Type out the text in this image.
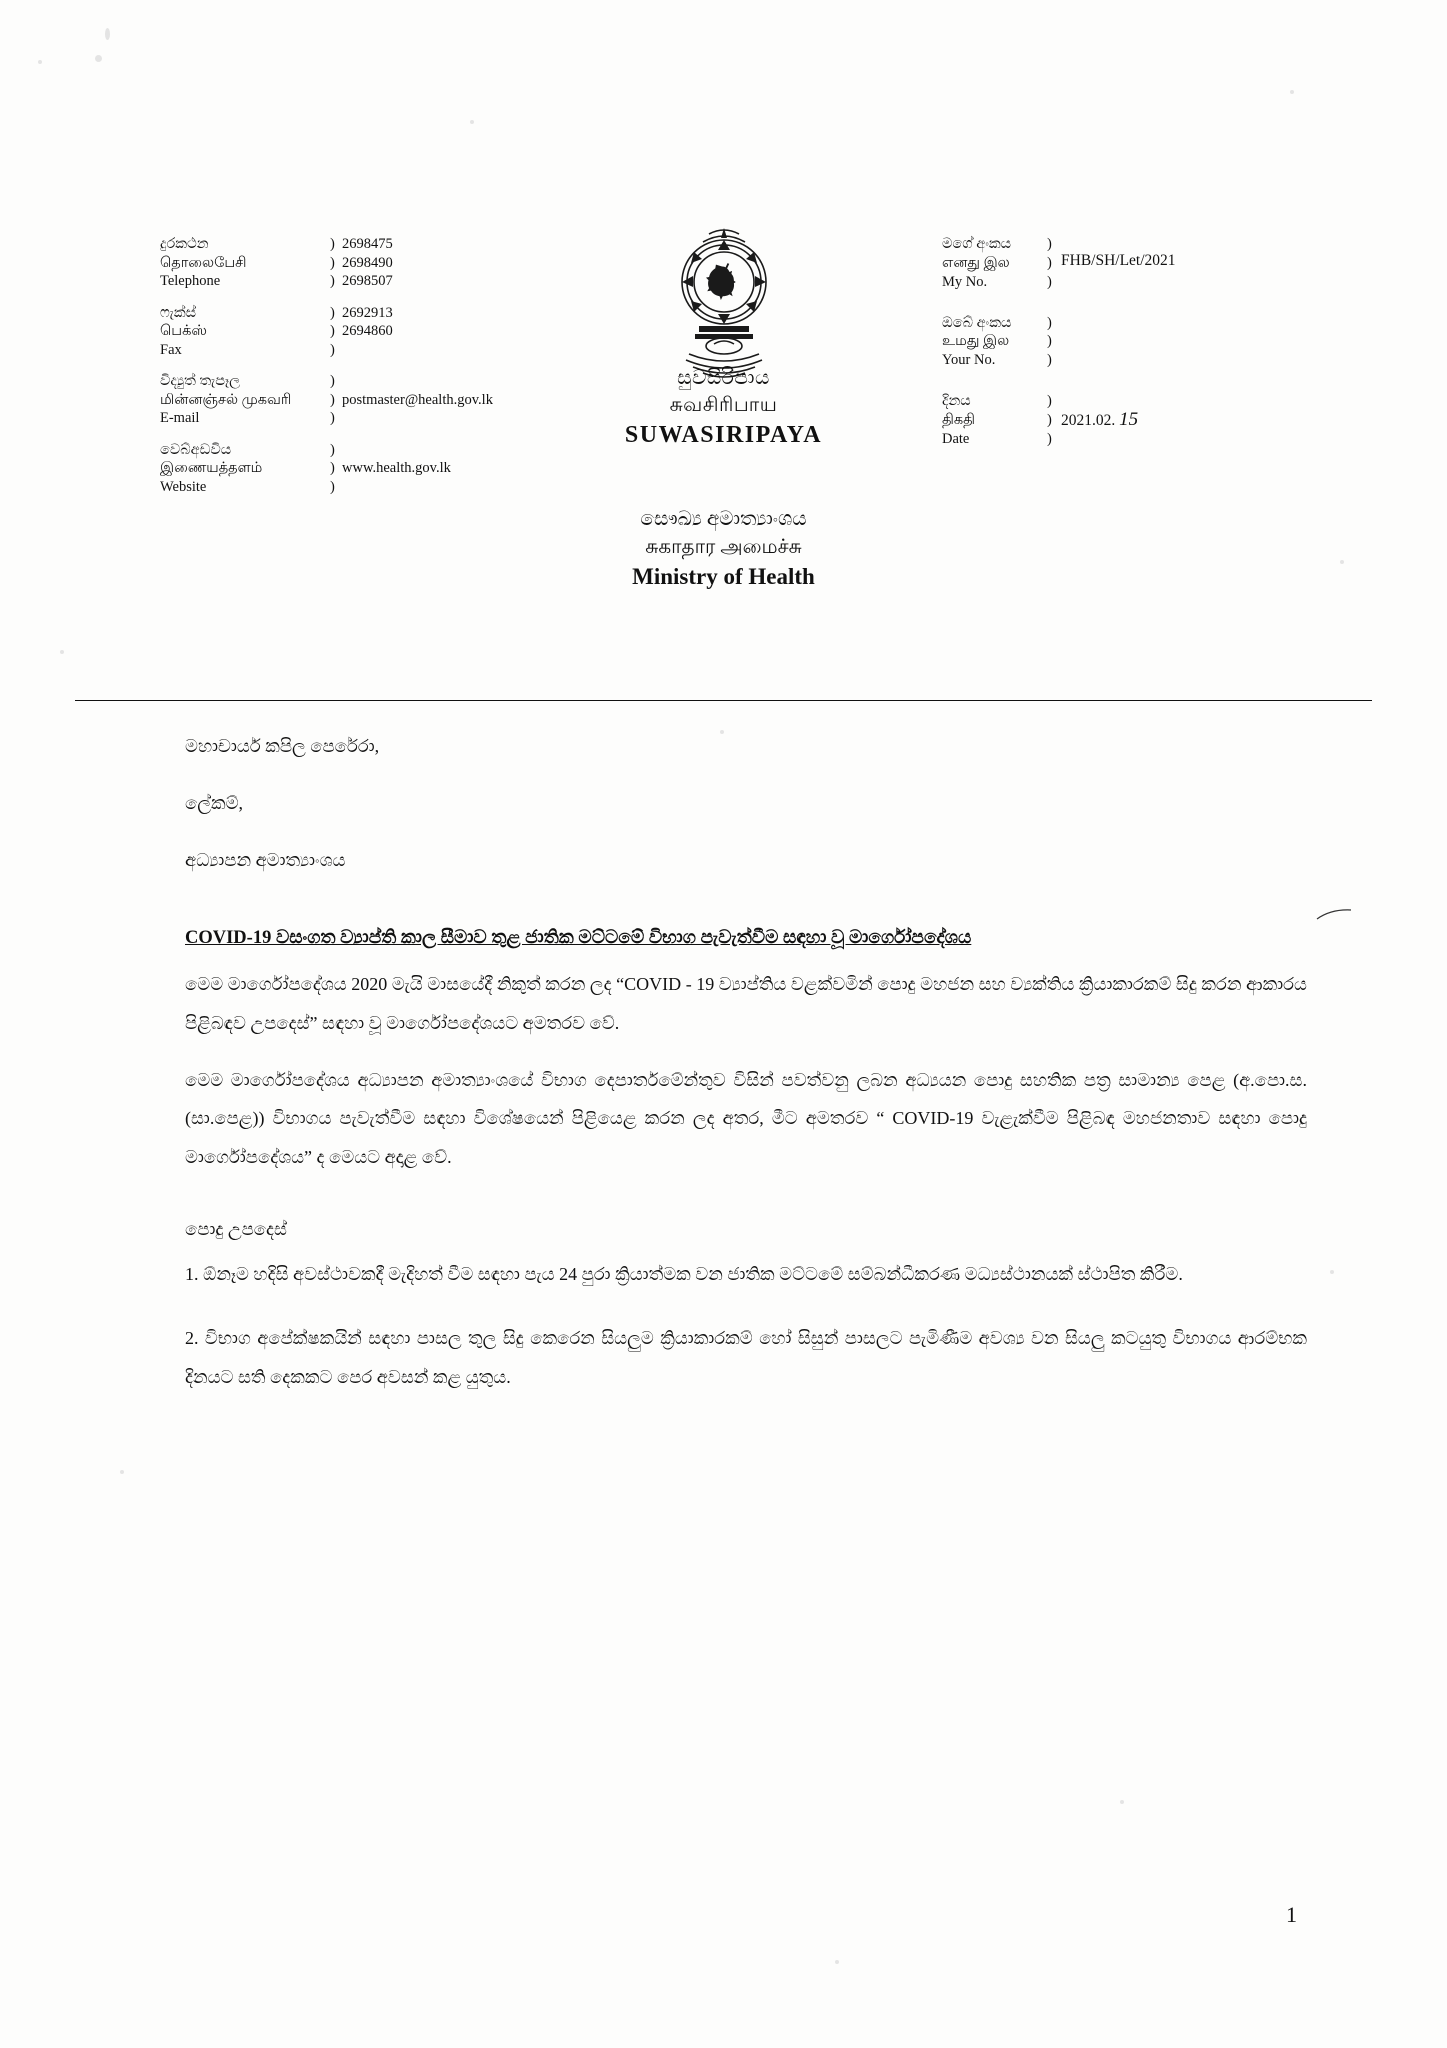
දුරකථන
தொலைபேசி
Telephone
)
)
)
2698475
2698490
2698507
ෆැක්ස්
பெக்ஸ்
Fax
)
)
)
2692913
2694860

විද්‍යුත් තැපෑල
மின்னஞ்சல் முகவரி
E-mail
)
)
)

postmaster@health.gov.lk

වෙබ්අඩවිය
இணையத்தளம்
Website
)
)
)

www.health.gov.lk

සුවසිරිපාය
சுவசிரிபாய
SUWASIRIPAYA
සෞඛ්‍ය අමාත්‍යාංශය
சுகாதார அமைச்சு
Ministry of Health
මගේ අංකය
எனது இல
My No.
)
)
)
FHB/SH/Let/2021
ඔබේ අංකය
உமது இல
Your No.
)
)
)
දිනය
திகதி
Date
)
)
)
2021.02. 15
මහාචාර්ය කපිල පෙරේරා,
ලේකම්,
අධ්‍යාපන අමාත්‍යාංශය
COVID-19 වසංගත ව්‍යාප්ති කාල සීමාව තුළ ජාතික මට්ටමේ විභාග පැවැත්වීම සඳහා වූ මාර්ගෝපදේශය
මෙම මාර්ගෝපදේශය 2020 මැයි මාසයේදී නිකුත් කරන ලද “COVID - 19 ව්‍යාප්තිය වළක්වමින් පොදු මහජන සහ ව්‍යක්තිය ක්‍රියාකාරකම් සිදු කරන ආකාරය පිළිබඳව උපදෙස්” සඳහා වූ මාර්ගෝපදේශයට අමතරව වේ.
මෙම මාර්ගෝපදේශය අධ්‍යාපන අමාත්‍යාංශයේ විභාග දෙපාර්තමේන්තුව විසින් පවත්වනු ලබන අධ්‍යයන පොදු සහතික පත්‍ර සාමාන්‍ය පෙළ (අ.පො.ස.(සා.පෙළ)) විභාගය පැවැත්වීම සඳහා විශේෂයෙන් පිළියෙළ කරන ලද අතර, මීට අමතරව “ COVID-19 වැළැක්වීම පිළිබඳ මහජනතාව සඳහා පොදු මාර්ගෝපදේශය” ද මෙයට අදාළ වේ.
පොදු උපදෙස්
1. ඕනෑම හදිසි අවස්ථාවකදී මැදිහත් වීම සඳහා පැය 24 පුරා ක්‍රියාත්මක වන ජාතික මට්ටමේ සම්බන්ධීකරණ මධ්‍යස්ථානයක් ස්ථාපිත කිරීම.
2. විභාග අපේක්ෂකයින් සඳහා පාසල තුල සිදු කෙරෙන සියලුම ක්‍රියාකාරකම් හෝ සිසුන් පාසලට පැමිණීම අවශ්‍ය වන සියලු කටයුතු විභාගය ආරම්භක දිනයට සති දෙකකට පෙර අවසන් කළ යුතුය.
1
